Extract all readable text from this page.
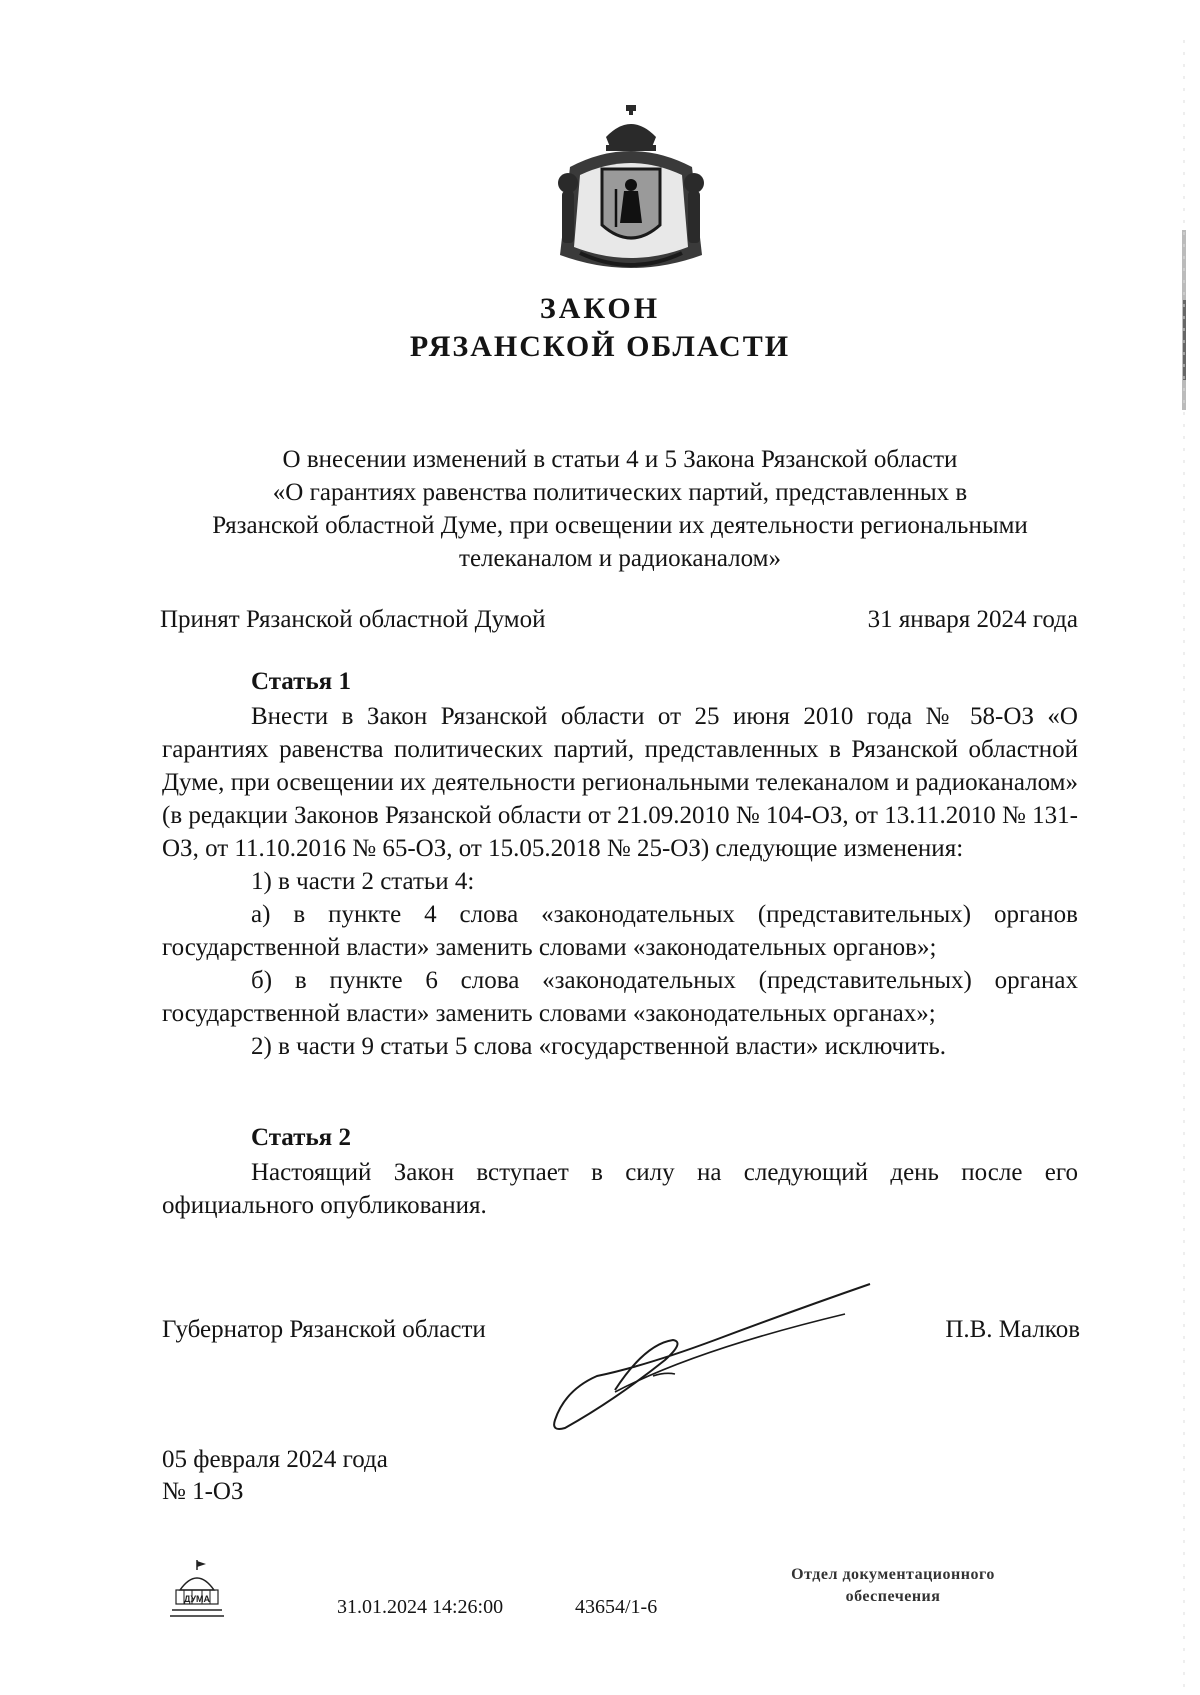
ЗАКОН
РЯЗАНСКОЙ ОБЛАСТИ
О внесении изменений в статьи 4 и 5 Закона Рязанской области
«О гарантиях равенства политических партий, представленных в
Рязанской областной Думе, при освещении их деятельности региональными
телеканалом и радиоканалом»
Принят Рязанской областной Думой	31 января 2024 года
Статья 1

Внести в Закон Рязанской области от 25 июня 2010 года № 58-ОЗ «О гарантиях равенства политических партий, представленных в Рязанской областной Думе, при освещении их деятельности региональными телеканалом и радиоканалом» (в редакции Законов Рязанской области от 21.09.2010 № 104-ОЗ, от 13.11.2010 № 131-ОЗ, от 11.10.2016 № 65-ОЗ, от 15.05.2018 № 25-ОЗ) следующие изменения:

1) в части 2 статьи 4:

а) в пункте 4 слова «законодательных (представительных) органов государственной власти» заменить словами «законодательных органов»;

б) в пункте 6 слова «законодательных (представительных) органах государственной власти» заменить словами «законодательных органах»;

2) в части 9 статьи 5 слова «государственной власти» исключить.

Статья 2

Настоящий Закон вступает в силу на следующий день после его официального опубликования.

Губернатор Рязанской области	П.В. Малков
05 февраля 2024 года
№ 1-ОЗ
ДУМА	31.01.2024 14:26:00	43654/1-6
Отдел документационного
обеспечения
